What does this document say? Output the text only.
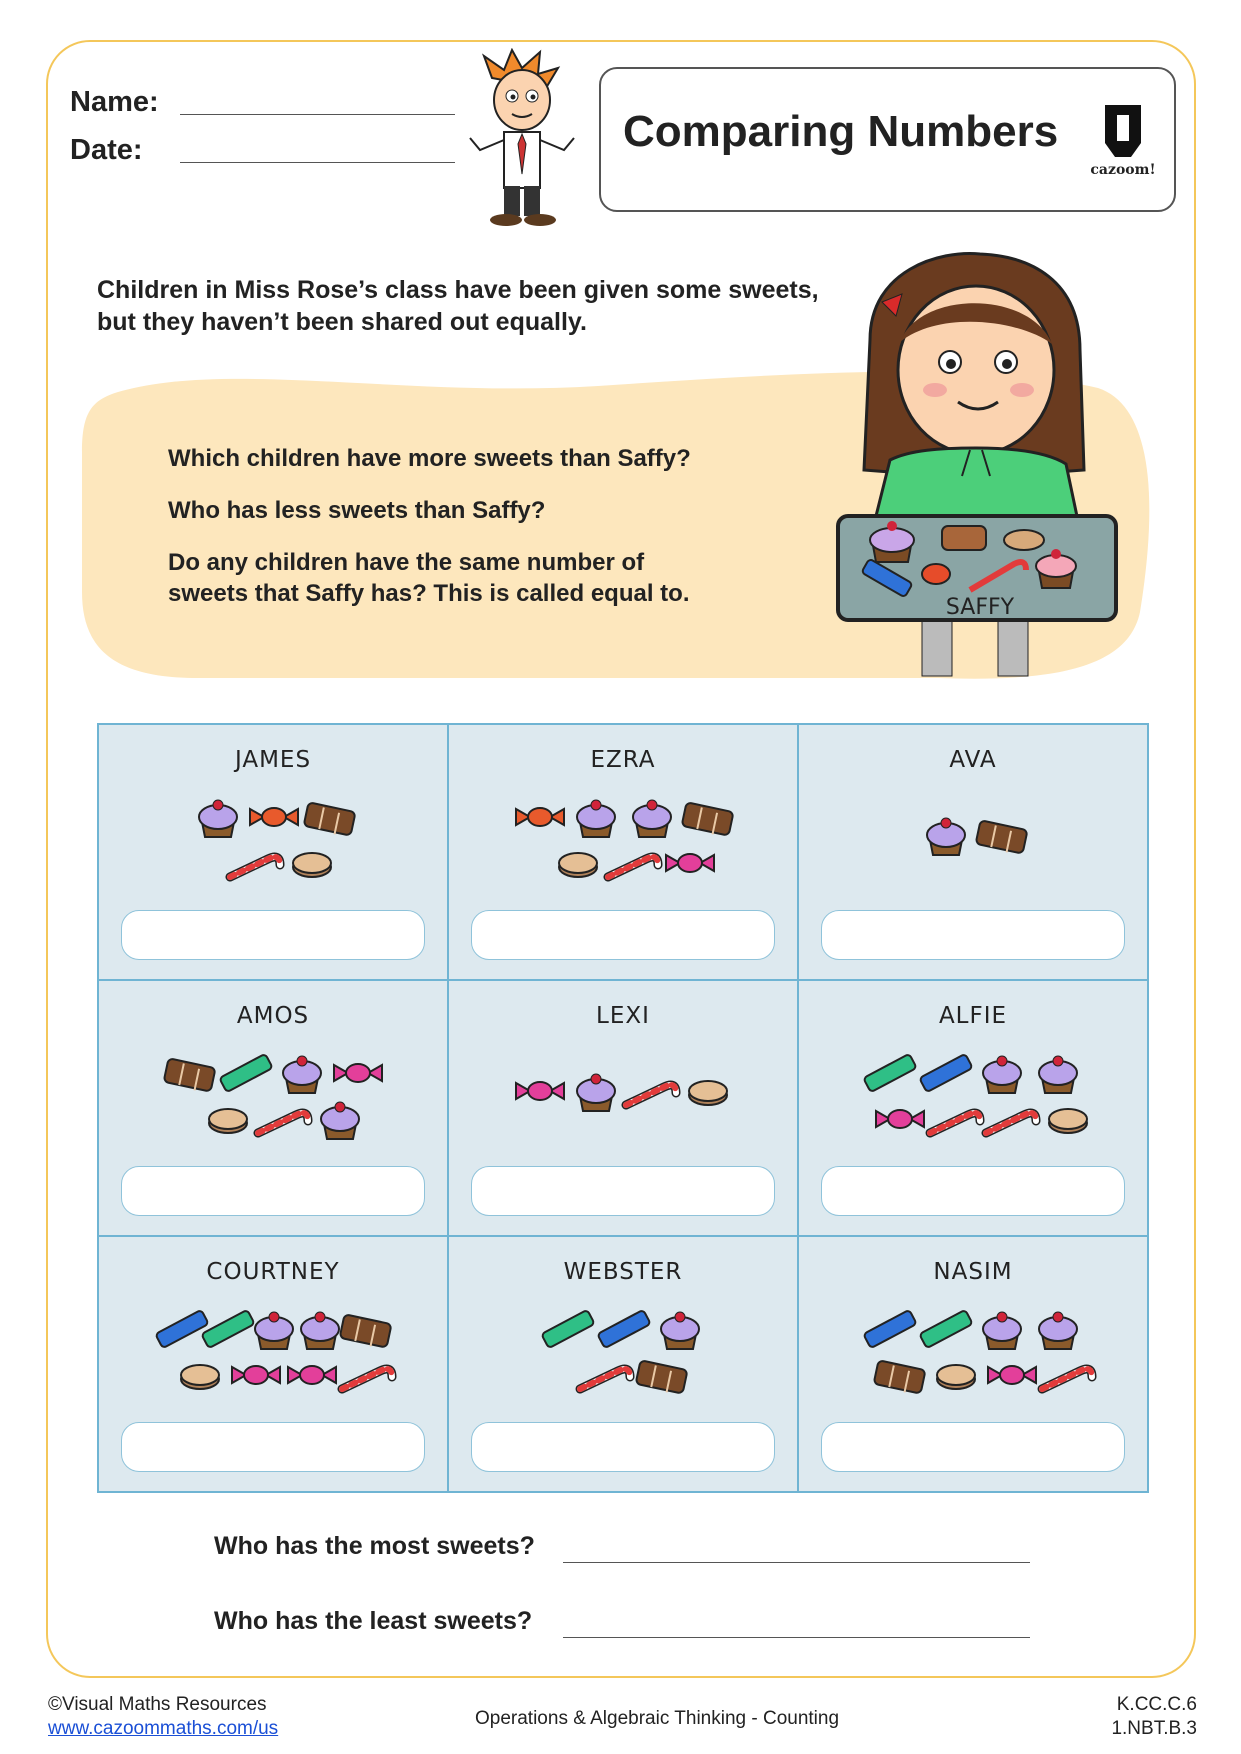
Name:
Date:	Comparing Numbers
cazoom!
Children in Miss Rose’s class have been given some sweets,
but they haven’t been shared out equally.
Which children have more sweets than Saffy?
Who has less sweets than Saffy?
Do any children have the same number of
sweets that Saffy has? This is called equal to.
SAFFY
JAMES	EZRA	AVA
AMOS	LEXI	ALFIE
COURTNEY	WEBSTER	NASIM
Who has the most sweets?
Who has the least sweets?
©Visual Maths Resources
www.cazoommaths.com/us	Operations & Algebraic Thinking - Counting
K.CC.C.6
1.NBT.B.3
